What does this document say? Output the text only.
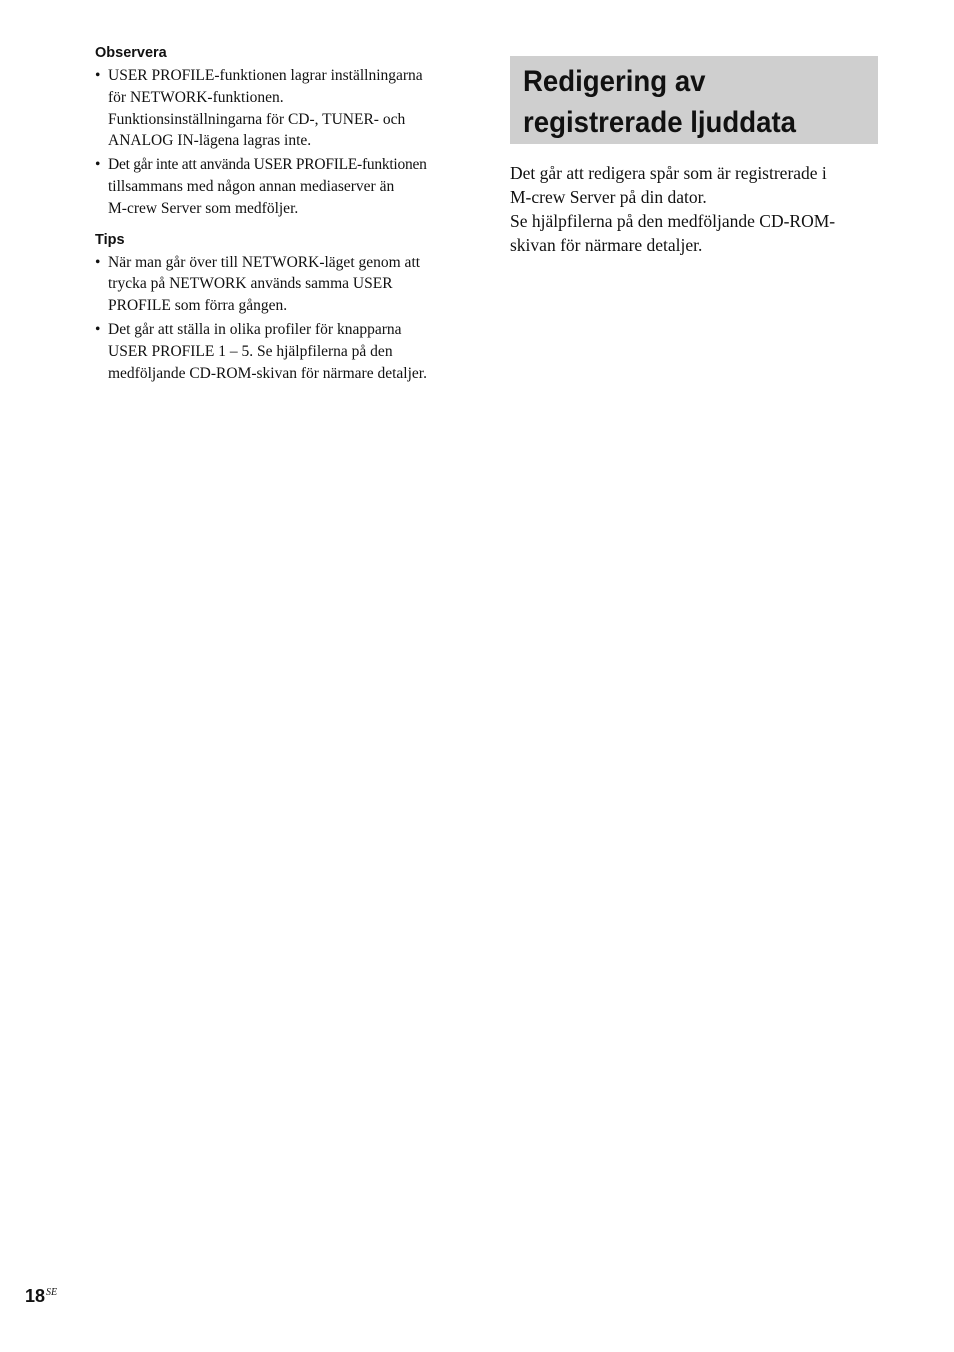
Observera
• USER PROFILE-funktionen lagrar inställningarna
för NETWORK-funktionen.
Funktionsinställningarna för CD-, TUNER- och
ANALOG IN-lägena lagras inte.
• Det går inte att använda USER PROFILE-funktionen
tillsammans med någon annan mediaserver än
M-crew Server som medföljer.
Tips
• När man går över till NETWORK-läget genom att
trycka på NETWORK används samma USER
PROFILE som förra gången.
• Det går att ställa in olika profiler för knapparna
USER PROFILE 1 – 5. Se hjälpfilerna på den
medföljande CD-ROM-skivan för närmare detaljer.
Redigering av
registrerade ljuddata
Det går att redigera spår som är registrerade i
M-crew Server på din dator.
Se hjälpfilerna på den medföljande CD-ROM-
skivan för närmare detaljer.
$18^{SE}$
